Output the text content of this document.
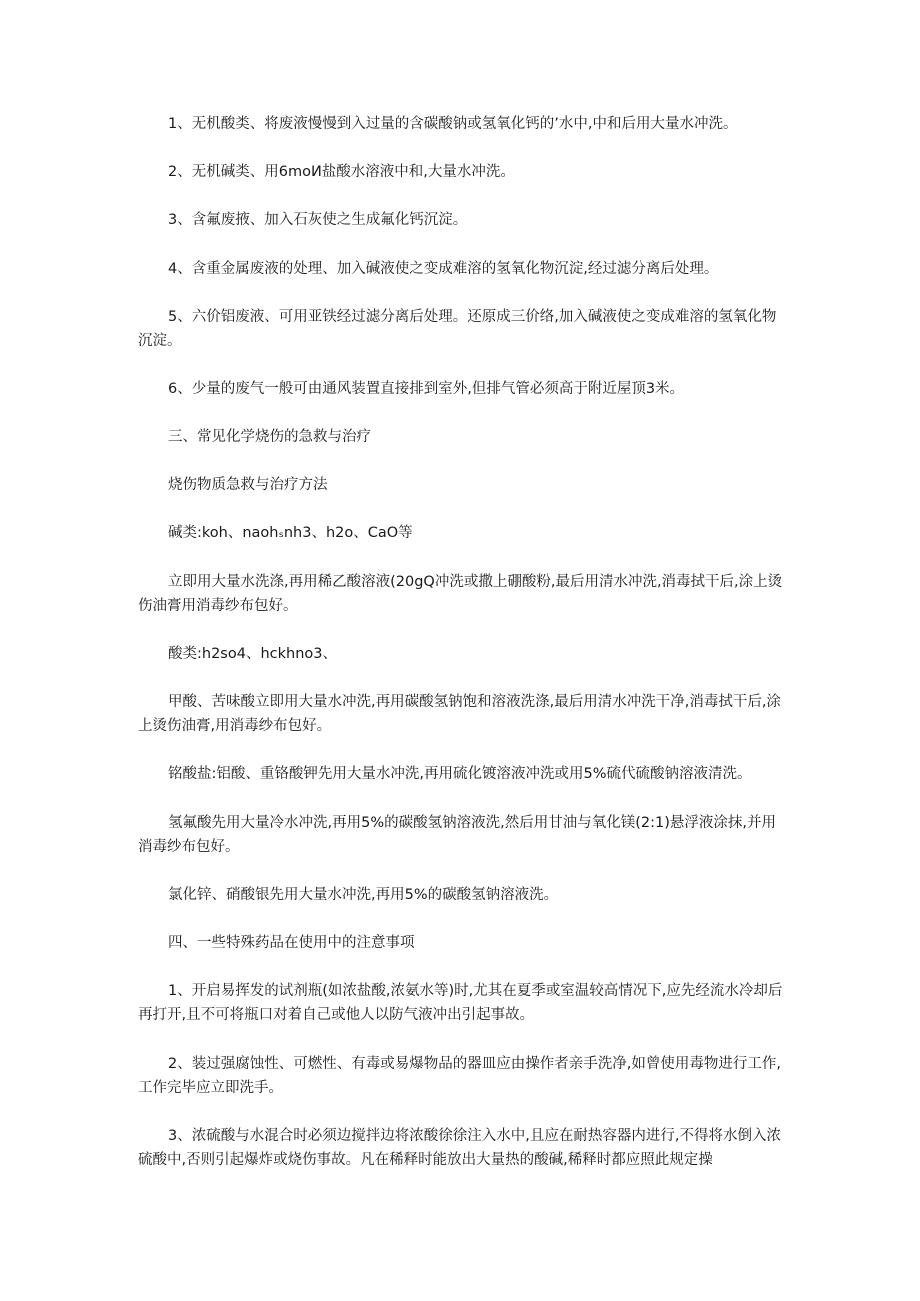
1、无机酸类、将废液慢慢到入过量的含碳酸钠或氢氧化钙的’水中,中和后用大量水冲洗。

2、无机碱类、用6moИ盐酸水溶液中和,大量水冲洗。

3、含氟废掖、加入石灰使之生成氟化钙沉淀。

4、含重金属废液的处理、加入碱液使之变成难溶的氢氧化物沉淀,经过滤分离后处理。

5、六价铝废液、可用亚铁经过滤分离后处理。还原成三价络,加入碱液使之变成难溶的氢氧化物沉淀。

6、少量的废气一般可由通风装置直接排到室外,但排气管必须高于附近屋顶3米。

三、常见化学烧伤的急救与治疗

烧伤物质急救与治疗方法

碱类:koh、naohₛnh3、h2o、CaO等

立即用大量水洗涤,再用稀乙酸溶液(20gQ冲洗或撒上硼酸粉,最后用清水冲洗,消毒拭干后,涂上烫伤油膏用消毒纱布包好。

酸类:h2so4、hckhno3、

甲酸、苦味酸立即用大量水冲洗,再用碳酸氢钠饱和溶液洗涤,最后用清水冲洗干净,消毒拭干后,涂上烫伤油膏,用消毒纱布包好。

铭酸盐:铝酸、重铬酸钾先用大量水冲洗,再用硫化镀溶液冲洗或用5%硫代硫酸钠溶液清洗。

氢氟酸先用大量冷水冲洗,再用5%的碳酸氢钠溶液洗,然后用甘油与氧化镁(2:1)悬浮液涂抹,并用消毒纱布包好。

氯化锌、硝酸银先用大量水冲洗,再用5%的碳酸氢钠溶液洗。

四、一些特殊药品在使用中的注意事项

1、开启易挥发的试剂瓶(如浓盐酸,浓氨水等)时,尤其在夏季或室温较高情况下,应先经流水冷却后再打开,且不可将瓶口对着自己或他人以防气液冲出引起事故。

2、装过强腐蚀性、可燃性、有毒或易爆物品的器皿应由操作者亲手洗净,如曾使用毒物进行工作,工作完毕应立即洗手。

3、浓硫酸与水混合时必须边搅拌边将浓酸徐徐注入水中,且应在耐热容器内进行,不得将水倒入浓硫酸中,否则引起爆炸或烧伤事故。凡在稀释时能放出大量热的酸碱,稀释时都应照此规定操
